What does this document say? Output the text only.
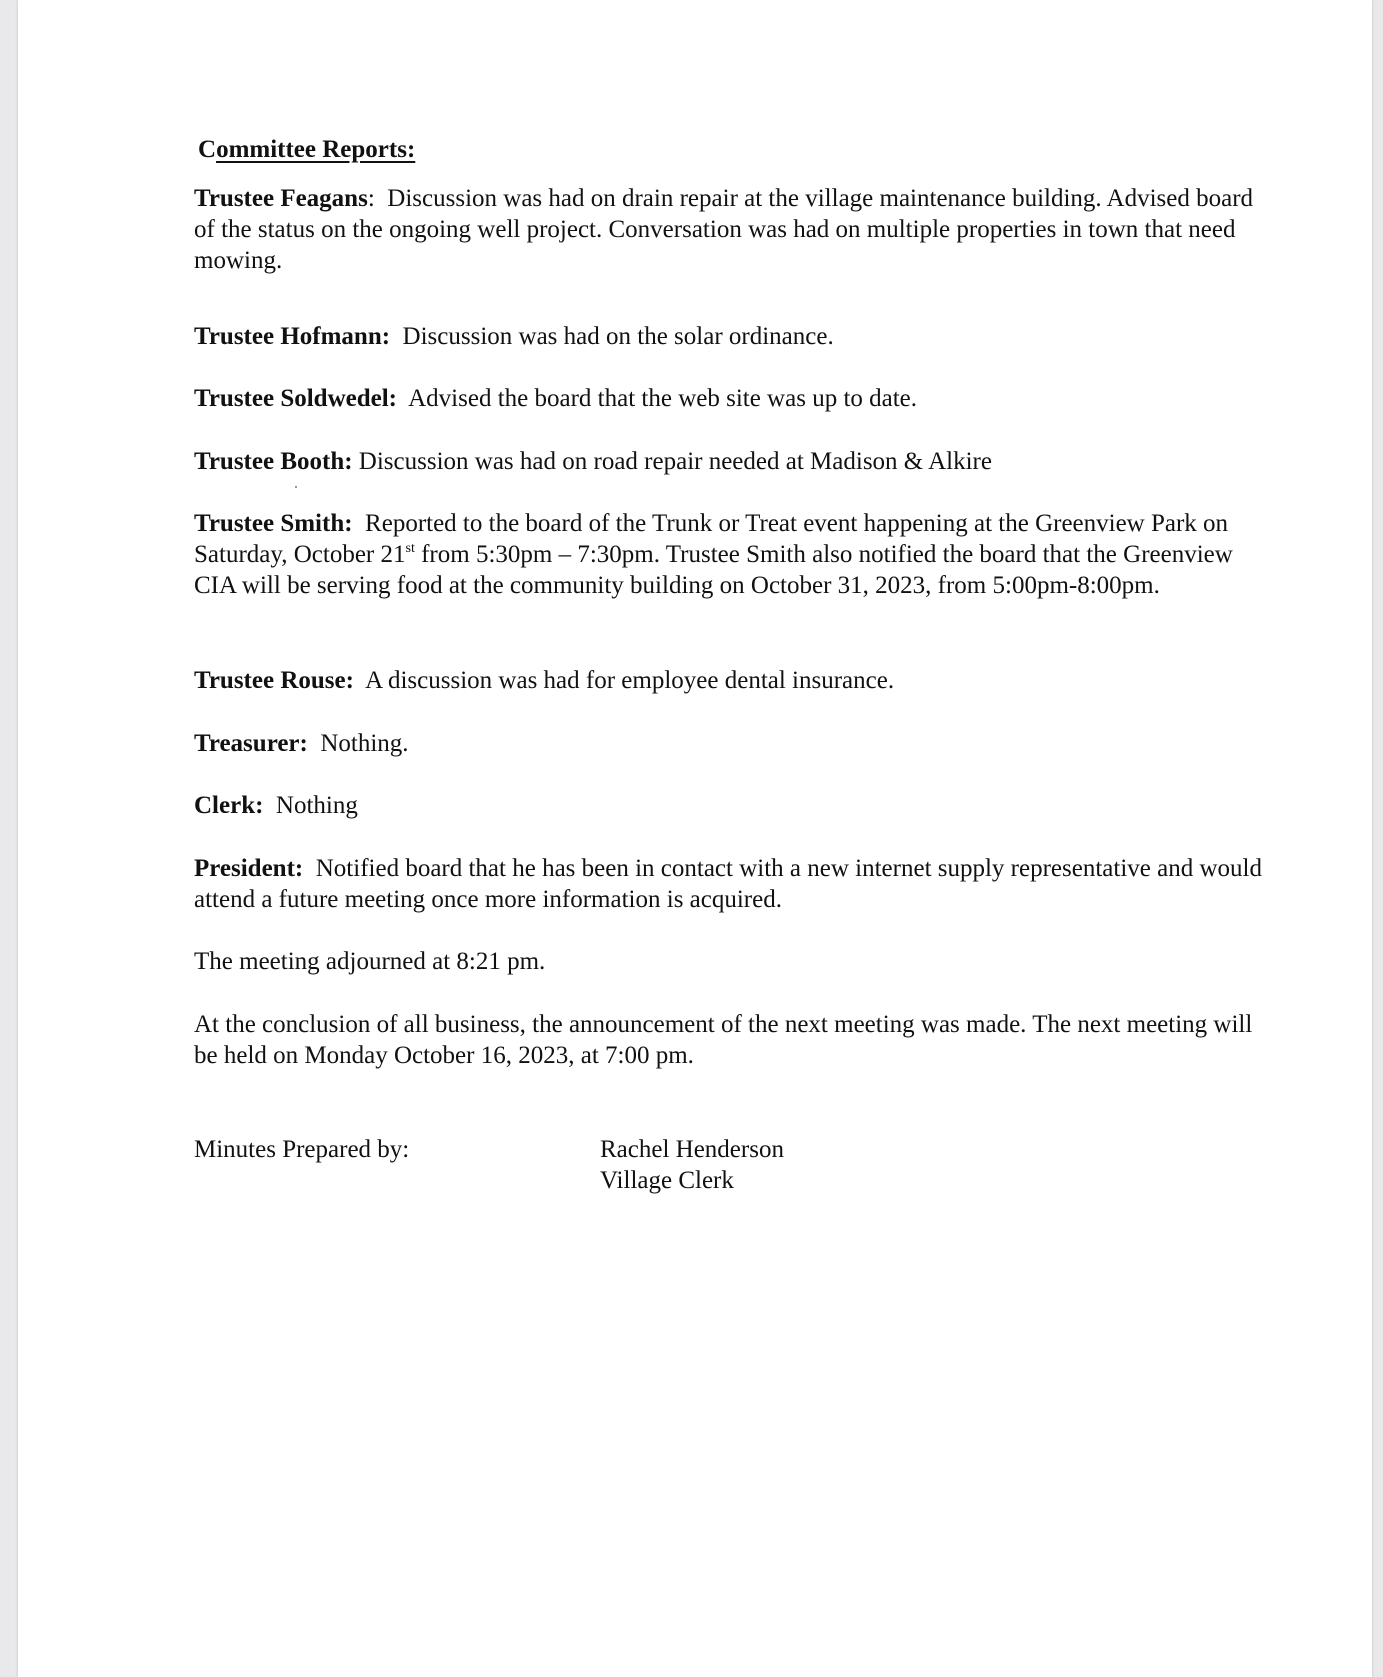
Committee Reports:

Trustee Feagans:  Discussion was had on drain repair at the village maintenance building. Advised board of the status on the ongoing well project. Conversation was had on multiple properties in town that need mowing.

Trustee Hofmann: Discussion was had on the solar ordinance.

Trustee Soldwedel: Advised the board that the web site was up to date.

Trustee Booth: Discussion was had on road repair needed at Madison & Alkire

Trustee Smith: Reported to the board of the Trunk or Treat event happening at the Greenview Park on Saturday, October 21st from 5:30pm – 7:30pm. Trustee Smith also notified the board that the Greenview CIA will be serving food at the community building on October 31, 2023, from 5:00pm-8:00pm.

Trustee Rouse: A discussion was had for employee dental insurance.

Treasurer: Nothing.

Clerk: Nothing

President: Notified board that he has been in contact with a new internet supply representative and would attend a future meeting once more information is acquired.

The meeting adjourned at 8:21 pm.

At the conclusion of all business, the announcement of the next meeting was made. The next meeting will be held on Monday October 16, 2023, at 7:00 pm.

Minutes Prepared by:	Rachel Henderson
Village Clerk
